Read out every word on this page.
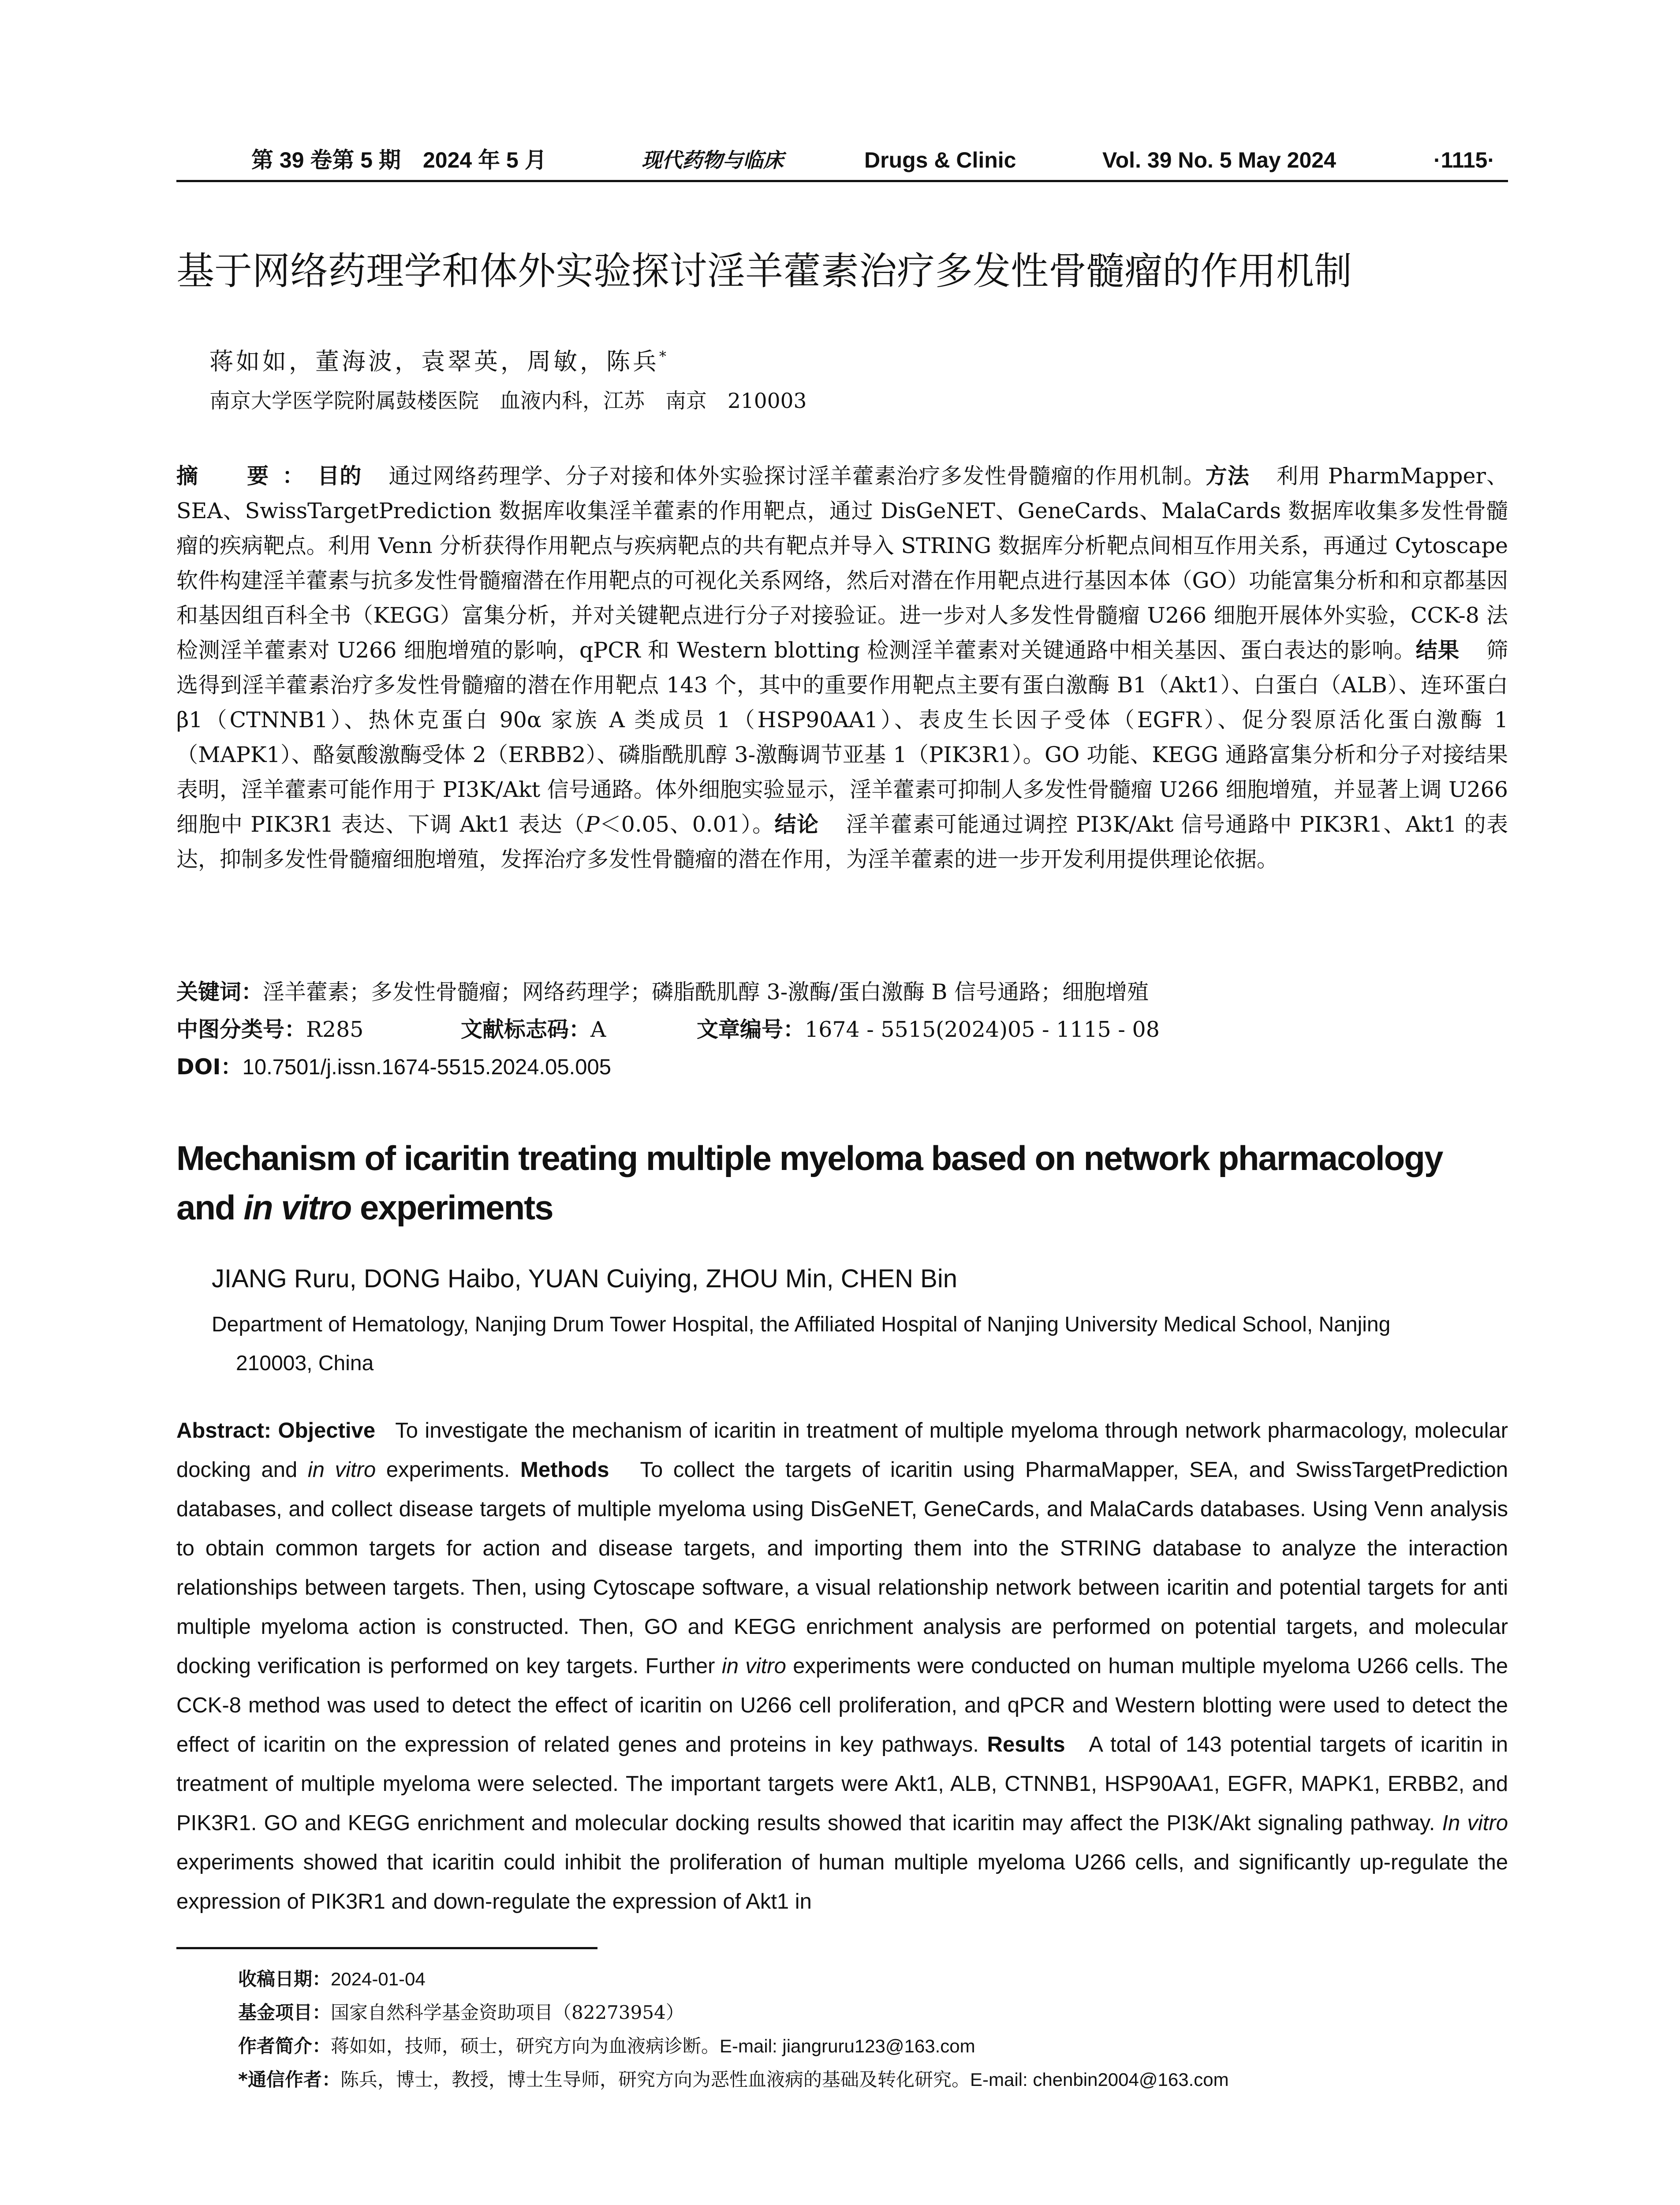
第 39 卷第 5 期　2024 年 5 月	现代药物与临床	Drugs & Clinic	Vol. 39 No. 5 May 2024	·1115·
基于网络药理学和体外实验探讨淫羊藿素治疗多发性骨髓瘤的作用机制
蒋如如，董海波，袁翠英，周敏，陈兵*
南京大学医学院附属鼓楼医院　血液内科，江苏　南京　210003
摘　要：目的 通过网络药理学、分子对接和体外实验探讨淫羊藿素治疗多发性骨髓瘤的作用机制。方法 利用 PharmMapper、SEA、SwissTargetPrediction 数据库收集淫羊藿素的作用靶点，通过 DisGeNET、GeneCards、MalaCards 数据库收集多发性骨髓瘤的疾病靶点。利用 Venn 分析获得作用靶点与疾病靶点的共有靶点并导入 STRING 数据库分析靶点间相互作用关系，再通过 Cytoscape 软件构建淫羊藿素与抗多发性骨髓瘤潜在作用靶点的可视化关系网络，然后对潜在作用靶点进行基因本体（GO）功能富集分析和和京都基因和基因组百科全书（KEGG）富集分析，并对关键靶点进行分子对接验证。进一步对人多发性骨髓瘤 U266 细胞开展体外实验，CCK-8 法检测淫羊藿素对 U266 细胞增殖的影响，qPCR 和 Western blotting 检测淫羊藿素对关键通路中相关基因、蛋白表达的影响。结果 筛选得到淫羊藿素治疗多发性骨髓瘤的潜在作用靶点 143 个，其中的重要作用靶点主要有蛋白激酶 B1（Akt1）、白蛋白（ALB）、连环蛋白 β1（CTNNB1）、热休克蛋白 90α 家族 A 类成员 1（HSP90AA1）、表皮生长因子受体（EGFR）、促分裂原活化蛋白激酶 1（MAPK1）、酪氨酸激酶受体 2（ERBB2）、磷脂酰肌醇 3-激酶调节亚基 1（PIK3R1）。GO 功能、KEGG 通路富集分析和分子对接结果表明，淫羊藿素可能作用于 PI3K/Akt 信号通路。体外细胞实验显示，淫羊藿素可抑制人多发性骨髓瘤 U266 细胞增殖，并显著上调 U266 细胞中 PIK3R1 表达、下调 Akt1 表达（P＜0.05、0.01）。结论 淫羊藿素可能通过调控 PI3K/Akt 信号通路中 PIK3R1、Akt1 的表达，抑制多发性骨髓瘤细胞增殖，发挥治疗多发性骨髓瘤的潜在作用，为淫羊藿素的进一步开发利用提供理论依据。
关键词：淫羊藿素；多发性骨髓瘤；网络药理学；磷脂酰肌醇 3-激酶/蛋白激酶 B 信号通路；细胞增殖
中图分类号：R285	文献标志码：A	文章编号：1674 - 5515(2024)05 - 1115 - 08
DOI：10.7501/j.issn.1674-5515.2024.05.005
Mechanism of icaritin treating multiple myeloma based on network pharmacology
and in vitro experiments
JIANG Ruru, DONG Haibo, YUAN Cuiying, ZHOU Min, CHEN Bin
Department of Hematology, Nanjing Drum Tower Hospital, the Affiliated Hospital of Nanjing University Medical School, Nanjing
210003, China
Abstract: Objective To investigate the mechanism of icaritin in treatment of multiple myeloma through network pharmacology, molecular docking and in vitro experiments. Methods To collect the targets of icaritin using PharmaMapper, SEA, and SwissTargetPrediction databases, and collect disease targets of multiple myeloma using DisGeNET, GeneCards, and MalaCards databases. Using Venn analysis to obtain common targets for action and disease targets, and importing them into the STRING database to analyze the interaction relationships between targets. Then, using Cytoscape software, a visual relationship network between icaritin and potential targets for anti multiple myeloma action is constructed. Then, GO and KEGG enrichment analysis are performed on potential targets, and molecular docking verification is performed on key targets. Further in vitro experiments were conducted on human multiple myeloma U266 cells. The CCK-8 method was used to detect the effect of icaritin on U266 cell proliferation, and qPCR and Western blotting were used to detect the effect of icaritin on the expression of related genes and proteins in key pathways. Results A total of 143 potential targets of icaritin in treatment of multiple myeloma were selected. The important targets were Akt1, ALB, CTNNB1, HSP90AA1, EGFR, MAPK1, ERBB2, and PIK3R1. GO and KEGG enrichment and molecular docking results showed that icaritin may affect the PI3K/Akt signaling pathway. In vitro experiments showed that icaritin could inhibit the proliferation of human multiple myeloma U266 cells, and significantly up-regulate the expression of PIK3R1 and down-regulate the expression of Akt1 in
收稿日期：2024-01-04
基金项目：国家自然科学基金资助项目（82273954）
作者简介：蒋如如，技师，硕士，研究方向为血液病诊断。E-mail: jiangruru123@163.com
*通信作者：陈兵，博士，教授，博士生导师，研究方向为恶性血液病的基础及转化研究。E-mail: chenbin2004@163.com
